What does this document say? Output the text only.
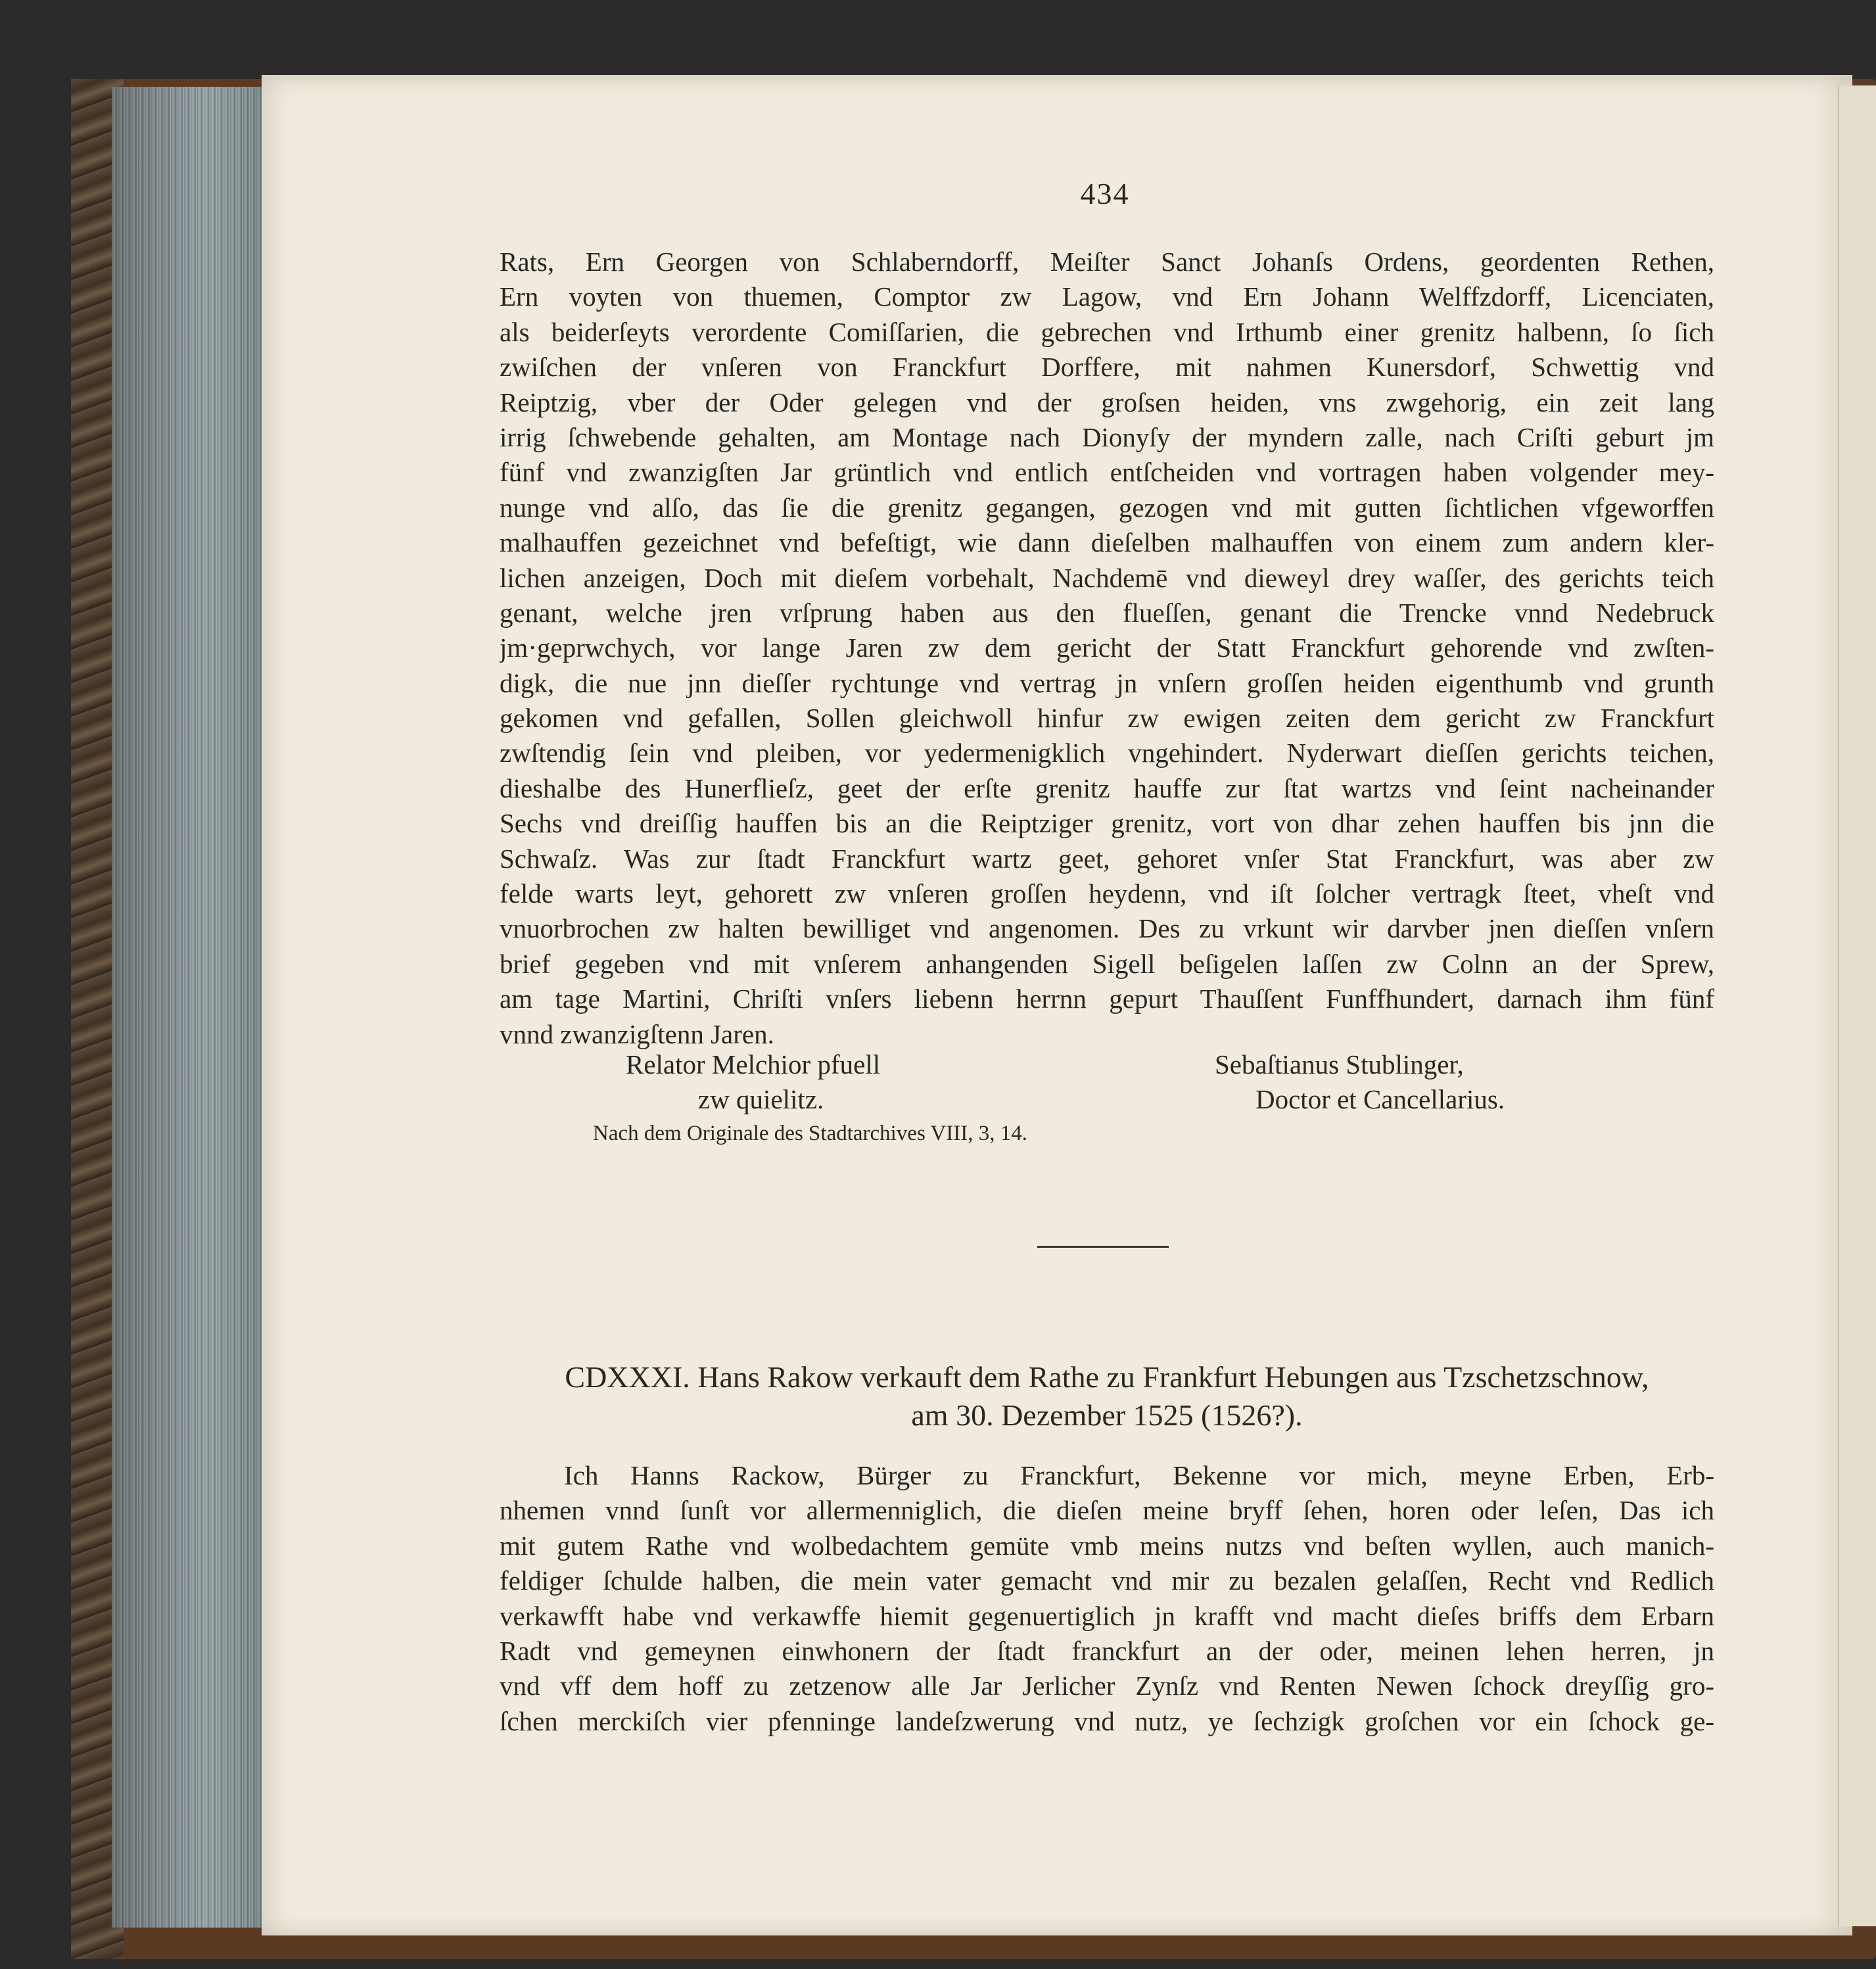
434
Rats, Ern Georgen von Schlaberndorff, Meiſter Sanct Johanſs Ordens, geordenten Rethen,
Ern voyten von thuemen, Comptor zw Lagow, vnd Ern Johann Welffzdorff, Licenciaten,
als beiderſeyts verordente Comiſſarien, die gebrechen vnd Irthumb einer grenitz halbenn, ſo ſich
zwiſchen der vnſeren von Franckfurt Dorffere, mit nahmen Kunersdorf, Schwettig vnd
Reiptzig, vber der Oder gelegen vnd der groſsen heiden, vns zwgehorig, ein zeit lang
irrig ſchwebende gehalten, am Montage nach Dionyſy der myndern zalle, nach Criſti geburt jm
fünf vnd zwanzigſten Jar grüntlich vnd entlich entſcheiden vnd vortragen haben volgender mey-
nunge vnd alſo, das ſie die grenitz gegangen, gezogen vnd mit gutten ſichtlichen vfgeworffen
malhauffen gezeichnet vnd befeſtigt, wie dann dieſelben malhauffen von einem zum andern kler-
lichen anzeigen, Doch mit dieſem vorbehalt, Nachdemē vnd dieweyl drey waſſer, des gerichts teich
genant, welche jren vrſprung haben aus den flueſſen, genant die Trencke vnnd Nedebruck
jm·geprwchych, vor lange Jaren zw dem gericht der Statt Franckfurt gehorende vnd zwſten-
digk, die nue jnn dieſſer rychtunge vnd vertrag jn vnſern groſſen heiden eigenthumb vnd grunth
gekomen vnd gefallen, Sollen gleichwoll hinfur zw ewigen zeiten dem gericht zw Franckfurt
zwſtendig ſein vnd pleiben, vor yedermenigklich vngehindert. Nyderwart dieſſen gerichts teichen,
dieshalbe des Hunerflieſz, geet der erſte grenitz hauffe zur ſtat wartzs vnd ſeint nacheinander
Sechs vnd dreiſſig hauffen bis an die Reiptziger grenitz, vort von dhar zehen hauffen bis jnn die
Schwaſz. Was zur ſtadt Franckfurt wartz geet, gehoret vnſer Stat Franckfurt, was aber zw
felde warts leyt, gehorett zw vnſeren groſſen heydenn, vnd iſt ſolcher vertragk ſteet, vheſt vnd
vnuorbrochen zw halten bewilliget vnd angenomen. Des zu vrkunt wir darvber jnen dieſſen vnſern
brief gegeben vnd mit vnſerem anhangenden Sigell beſigelen laſſen zw Colnn an der Sprew,
am tage Martini, Chriſti vnſers liebenn herrnn gepurt Thauſſent Funffhundert, darnach ihm fünf
vnnd zwanzigſtenn Jaren.
Relator Melchior pfuell	Sebaſtianus Stublinger,
zw quielitz.	Doctor et Cancellarius.
Nach dem Originale des Stadtarchives VIII, 3, 14.
CDXXXI. Hans Rakow verkauft dem Rathe zu Frankfurt Hebungen aus Tzschetzschnow,
am 30. Dezember 1525 (1526?).
Ich Hanns Rackow, Bürger zu Franckfurt, Bekenne vor mich, meyne Erben, Erb-
nhemen vnnd ſunſt vor allermenniglich, die dieſen meine bryff ſehen, horen oder leſen, Das ich
mit gutem Rathe vnd wolbedachtem gemüte vmb meins nutzs vnd beſten wyllen, auch manich-
feldiger ſchulde halben, die mein vater gemacht vnd mir zu bezalen gelaſſen, Recht vnd Redlich
verkawfft habe vnd verkawffe hiemit gegenuertiglich jn krafft vnd macht dieſes briffs dem Erbarn
Radt vnd gemeynen einwhonern der ſtadt franckfurt an der oder, meinen lehen herren, jn
vnd vff dem hoff zu zetzenow alle Jar Jerlicher Zynſz vnd Renten Newen ſchock dreyſſig gro-
ſchen merckiſch vier pfenninge landeſzwerung vnd nutz, ye ſechzigk groſchen vor ein ſchock ge-
